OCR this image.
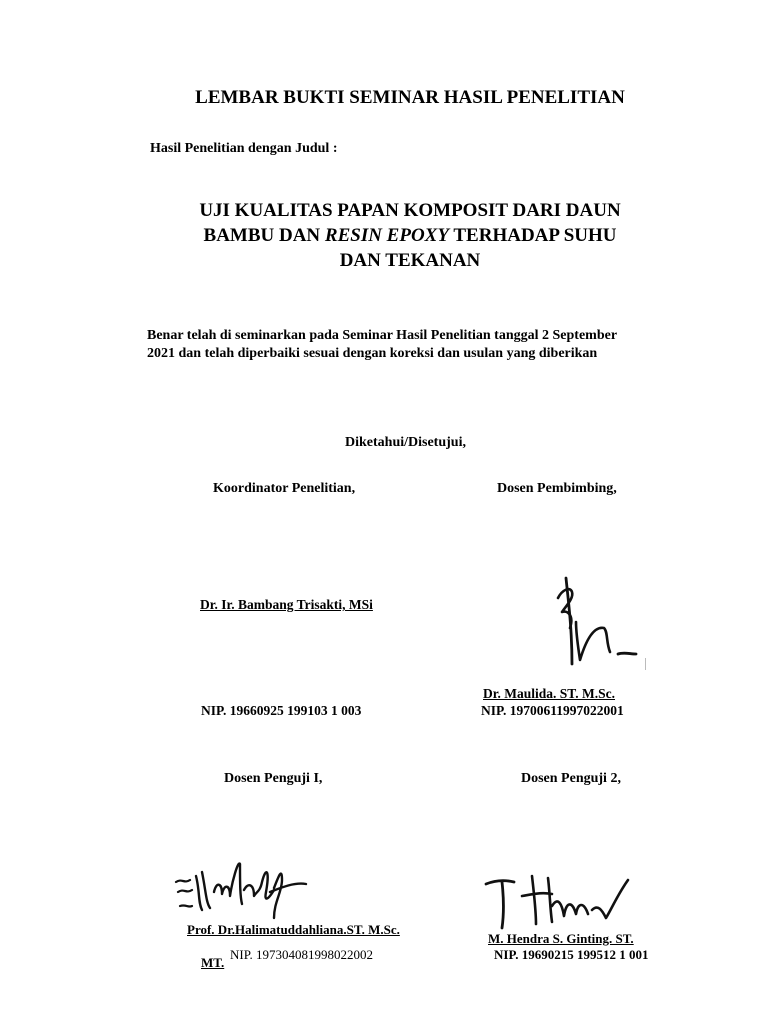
LEMBAR BUKTI SEMINAR HASIL PENELITIAN
Hasil Penelitian dengan Judul :
UJI KUALITAS PAPAN KOMPOSIT DARI DAUN
BAMBU DAN RESIN EPOXY TERHADAP SUHU
DAN TEKANAN
Benar telah di seminarkan pada Seminar Hasil Penelitian tanggal 2 September 2021 dan telah diperbaiki sesuai dengan koreksi dan usulan yang diberikan
Diketahui/Disetujui,
Koordinator Penelitian,
Dr. Ir. Bambang Trisakti, MSi
NIP. 19660925 199103 1 003
Dosen Pembimbing,
Dr. Maulida. ST. M.Sc.
NIP. 19700611997022001
Dosen Penguji I,
Prof. Dr.Halimatuddahliana.ST. M.Sc.
MT.
NIP. 197304081998022002
Dosen Penguji 2,
M. Hendra S. Ginting. ST.
NIP. 19690215 199512 1 001
